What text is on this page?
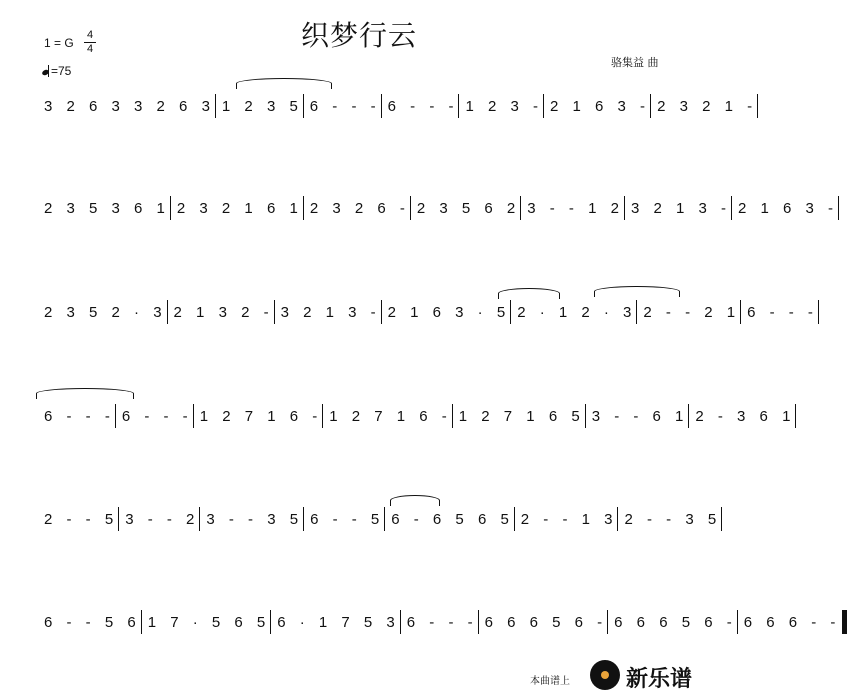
织梦行云
1 = G
4
4
=75
骆集益 曲
3 2 6 3 3 2 6 3 1 2 3 5 6 - - - 6 - - - 1 2 3 - 2 1 6 3 - 2 3 2 1 -
2 3 5 3 6 1 2 3 2 1 6 1 2 3 2 6 - 2 3 5 6 2 3 - - 1 2 3 2 1 3 - 2 1 6 3 -
2 3 5 2 · 3 2 1 3 2 - 3 2 1 3 - 2 1 6 3 · 5 2 · 1 2 · 3 2 - - 2 1 6 - - -
6 - - - 6 - - - 1 2 7 1 6 - 1 2 7 1 6 - 1 2 7 1 6 5 3 - - 6 1 2 - 3 6 1
2 - - 5 3 - - 2 3 - - 3 5 6 - - 5 6 - 6 5 6 5 2 - - 1 3 2 - - 3 5
6 - - 5 6 1 7 · 5 6 5 6 · 1 7 5 3 6 - - - 6 6 6 5 6 - 6 6 6 5 6 - 6 6 6 - -
本曲谱上	新乐谱
